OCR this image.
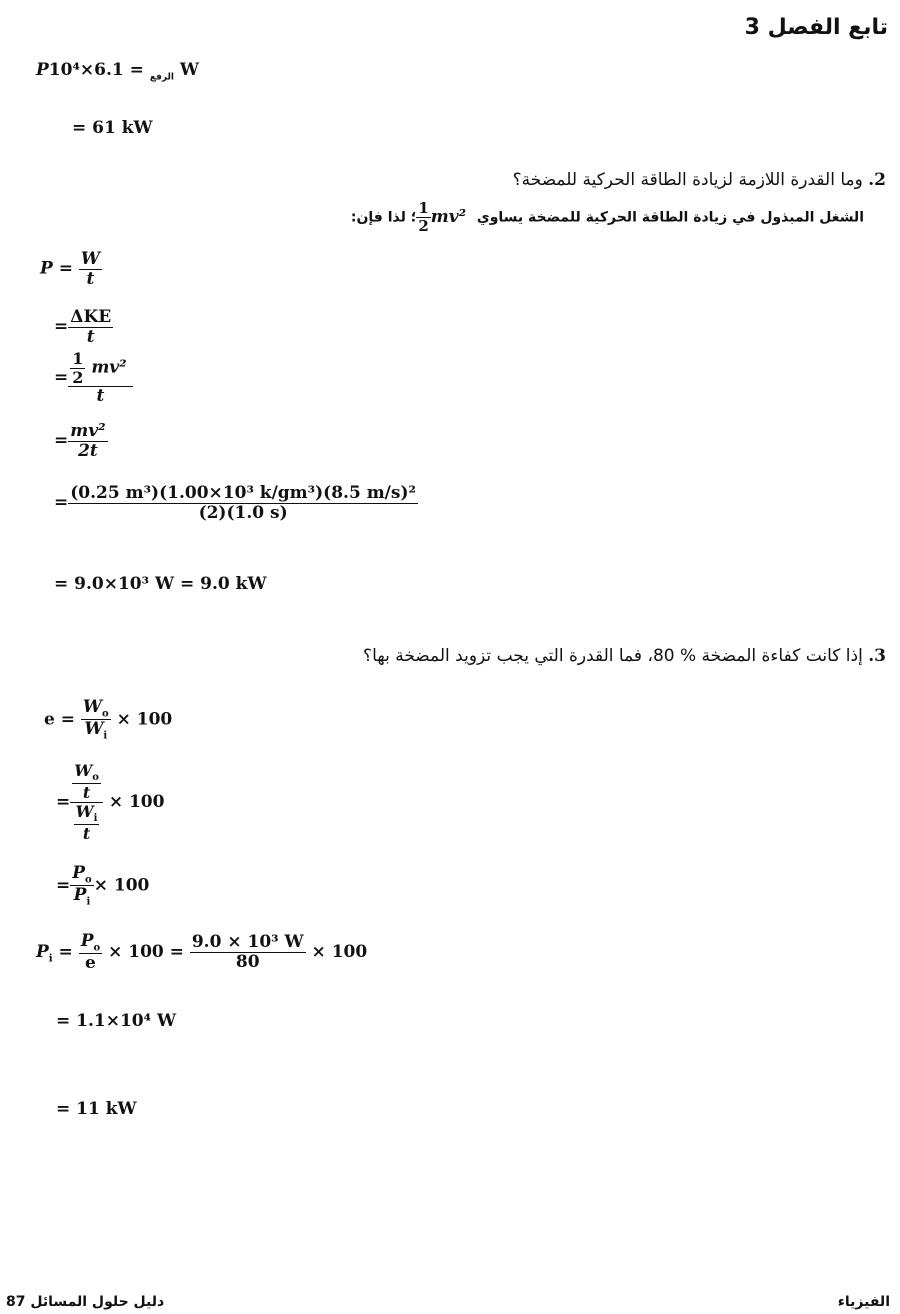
تابع الفصل 3
P	$_{الرفع}$ = 6.1×10⁴ W
= 61 kW
2. وما القدرة اللازمة لزيادة الطاقة الحركية للمضخة؟
الشغل المبذول في زيادة الطاقة الحركية للمضخة يساوي
$\frac{1}{2} mv^2$ ؛ لذا فإن:
$P = \frac{W}{t}$
= $\frac{\text{ΔKE}}{t}$
= $\frac{\frac{1}{2} mv^2}{t}$
= $\frac{\text{mv²}}{2t}$
= $\frac{\text{(0.25 m³)(1.00×10³ k/gm³)(8.5 m/s)²}}{(2)(1.0 s)}$
= 9.0×10³ W = 9.0 kW
3. إذا كانت كفاءة المضخة % 80، فما القدرة التي يجب تزويد المضخة بها؟
$e = \frac{W_o}{W_i} \times 100$
= $\frac{\frac{W_o}{t}}{\frac{W_i}{t}} \times 100$
= $\frac{P_o}{P_i} \times 100$
$P_i = \frac{P_o}{e} \times 100 = \frac{\text{9.0 × 10³ W}}{80} \times 100$
= 1.1×10⁴ W
= 11 kW
دليل حلول المسائل 87	الفيزياء
